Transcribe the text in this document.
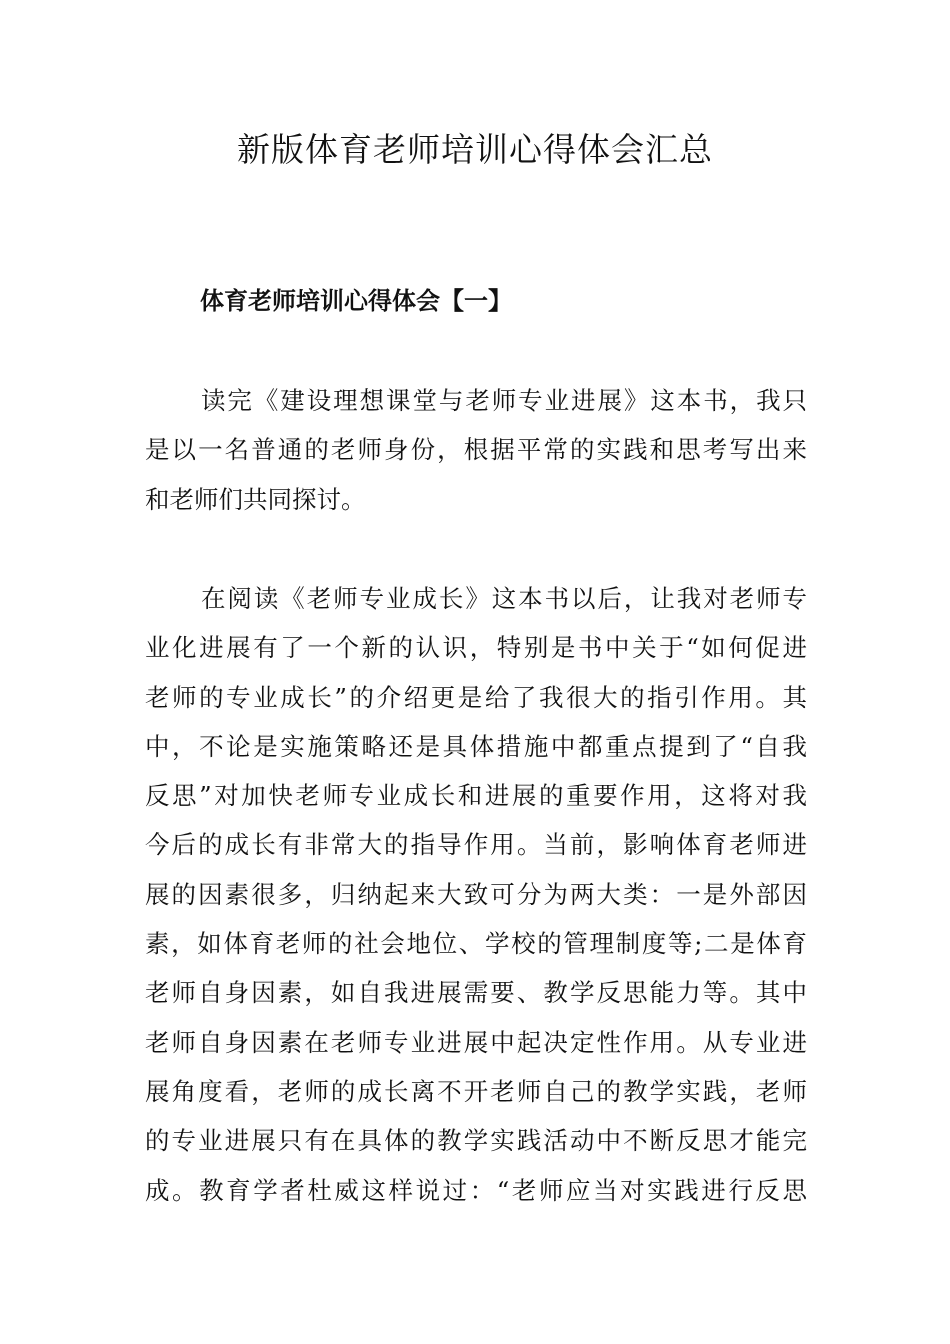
新版体育老师培训心得体会汇总
体育老师培训心得体会【一】
读完《建设理想课堂与老师专业进展》这本书，我只
是以一名普通的老师身份，根据平常的实践和思考写出来
和老师们共同探讨。
在阅读《老师专业成长》这本书以后，让我对老师专
业化进展有了一个新的认识，特别是书中关于“如何促进
老师的专业成长”的介绍更是给了我很大的指引作用。其
中，不论是实施策略还是具体措施中都重点提到了“自我
反思”对加快老师专业成长和进展的重要作用，这将对我
今后的成长有非常大的指导作用。当前，影响体育老师进
展的因素很多，归纳起来大致可分为两大类：一是外部因
素，如体育老师的社会地位、学校的管理制度等;二是体育
老师自身因素，如自我进展需要、教学反思能力等。其中
老师自身因素在老师专业进展中起决定性作用。从专业进
展角度看，老师的成长离不开老师自己的教学实践，老师
的专业进展只有在具体的教学实践活动中不断反思才能完
成。教育学者杜威这样说过：“老师应当对实践进行反思
